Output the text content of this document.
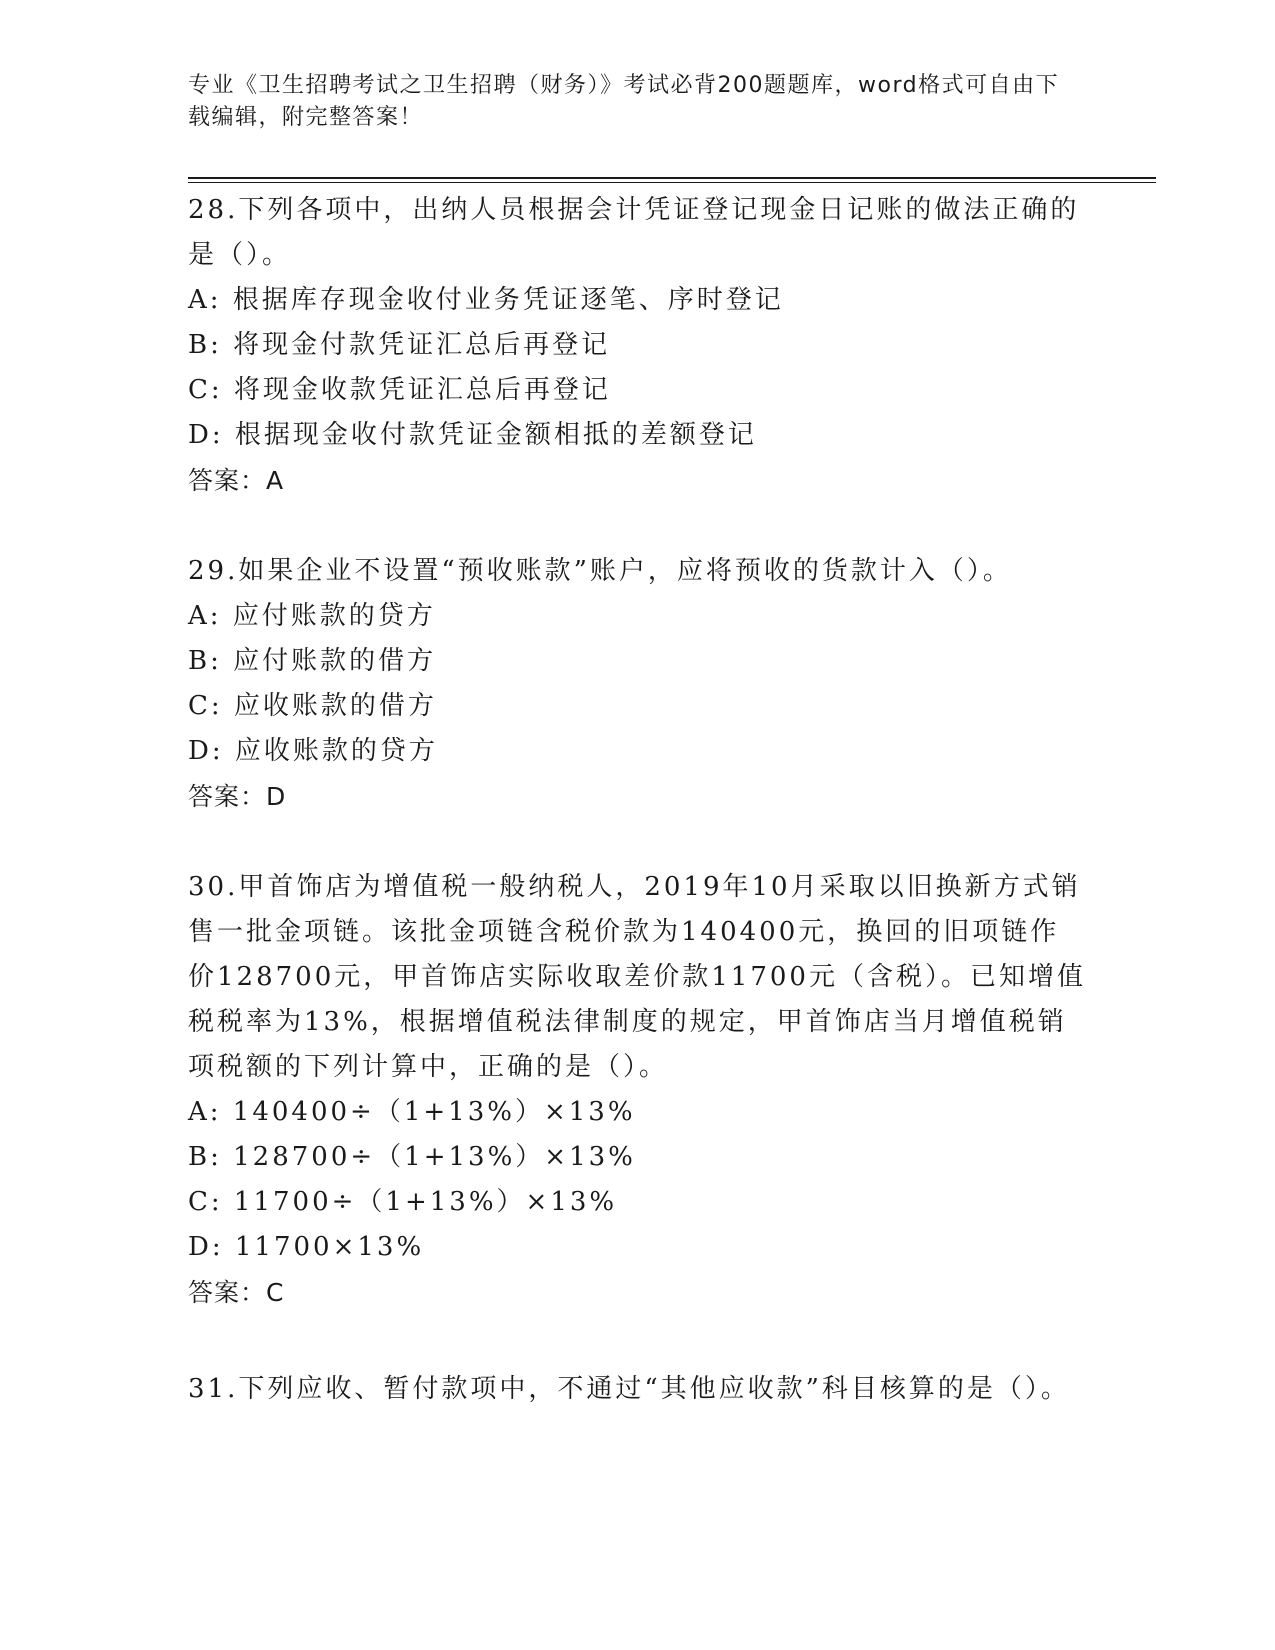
专业《卫生招聘考试之卫生招聘（财务）》考试必背200题题库，word格式可自由下载编辑，附完整答案！
28.下列各项中，出纳人员根据会计凭证登记现金日记账的做法正确的是（）。
A: 根据库存现金收付业务凭证逐笔、序时登记
B: 将现金付款凭证汇总后再登记
C: 将现金收款凭证汇总后再登记
D: 根据现金收付款凭证金额相抵的差额登记
答案：A
29.如果企业不设置“预收账款”账户，应将预收的货款计入（）。
A: 应付账款的贷方
B: 应付账款的借方
C: 应收账款的借方
D: 应收账款的贷方
答案：D
30.甲首饰店为增值税一般纳税人，2019年10月采取以旧换新方式销售一批金项链。该批金项链含税价款为140400元，换回的旧项链作价128700元，甲首饰店实际收取差价款11700元（含税）。已知增值税税率为13%，根据增值税法律制度的规定，甲首饰店当月增值税销项税额的下列计算中，正确的是（）。
A: 140400÷（1+13%）×13%
B: 128700÷（1+13%）×13%
C: 11700÷（1+13%）×13%
D: 11700×13%
答案：C
31.下列应收、暂付款项中，不通过“其他应收款”科目核算的是（）。
